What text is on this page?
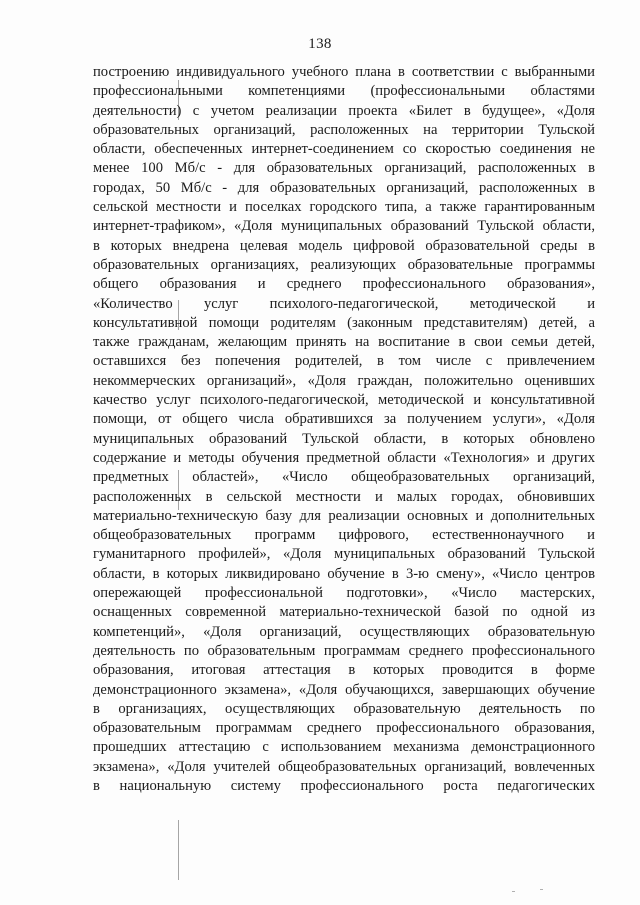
138
построению индивидуального учебного плана в соответствии с выбранными
профессиональными компетенциями (профессиональными областями
деятельности) с учетом реализации проекта «Билет в будущее», «Доля
образовательных организаций, расположенных на территории Тульской
области, обеспеченных интернет-соединением со скоростью соединения не
менее 100 Мб/с - для образовательных организаций, расположенных в
городах, 50 Мб/с - для образовательных организаций, расположенных в
сельской местности и поселках городского типа, а также гарантированным
интернет-трафиком», «Доля муниципальных образований Тульской области,
в которых внедрена целевая модель цифровой образовательной среды в
образовательных организациях, реализующих образовательные программы
общего образования и среднего профессионального образования»,
«Количество услуг психолого-педагогической, методической и
консультативной помощи родителям (законным представителям) детей, а
также гражданам, желающим принять на воспитание в свои семьи детей,
оставшихся без попечения родителей, в том числе с привлечением
некоммерческих организаций», «Доля граждан, положительно оценивших
качество услуг психолого-педагогической, методической и консультативной
помощи, от общего числа обратившихся за получением услуги», «Доля
муниципальных образований Тульской области, в которых обновлено
содержание и методы обучения предметной области «Технология» и других
предметных областей», «Число общеобразовательных организаций,
расположенных в сельской местности и малых городах, обновивших
материально-техническую базу для реализации основных и дополнительных
общеобразовательных программ цифрового, естественнонаучного и
гуманитарного профилей», «Доля муниципальных образований Тульской
области, в которых ликвидировано обучение в 3-ю смену», «Число центров
опережающей профессиональной подготовки», «Число мастерских,
оснащенных современной материально-технической базой по одной из
компетенций», «Доля организаций, осуществляющих образовательную
деятельность по образовательным программам среднего профессионального
образования, итоговая аттестация в которых проводится в форме
демонстрационного экзамена», «Доля обучающихся, завершающих обучение
в организациях, осуществляющих образовательную деятельность по
образовательным программам среднего профессионального образования,
прошедших аттестацию с использованием механизма демонстрационного
экзамена», «Доля учителей общеобразовательных организаций, вовлеченных
в национальную систему профессионального роста педагогических
